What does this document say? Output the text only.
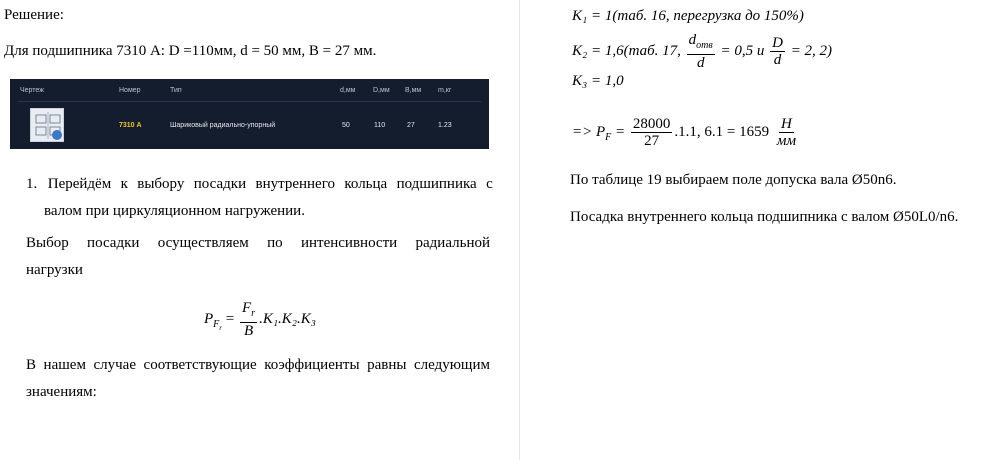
Решение:
Для подшипника 7310 А: D =110мм, d = 50 мм, B = 27 мм.
Чертеж	Номер	Тип	d,мм	D,мм B,мм m,кг
7310 А	Шариковый радиально-упорный	50	110	27	1.23
1. Перейдём к выбору посадки внутреннего кольца подшипника с
валом при циркуляционном нагружении.
Выбор посадки осуществляем по интенсивности радиальной
нагрузки
$P_{Fr} = \frac{F_r}{B} .K_1.K_2.K_3$
В нашем случае соответствующие коэффициенты равны следующим
значениям:
K₁ = 1(таб. 16, перегрузка до 150%)
K₂ = 1,6(таб. 17, $\frac{d_{отв}}{d} = 0,5$ и $\frac{D}{d} = 2$, 2)
K₃ = 1,0
=> $P_F = \frac{28000}{27} .1.1$, $6.1 = 1659 \frac{Н}{мм}$
По таблице 19 выбираем поле допуска вала Ø50n6.
Посадка внутреннего кольца подшипника с валом Ø50L0/n6.
